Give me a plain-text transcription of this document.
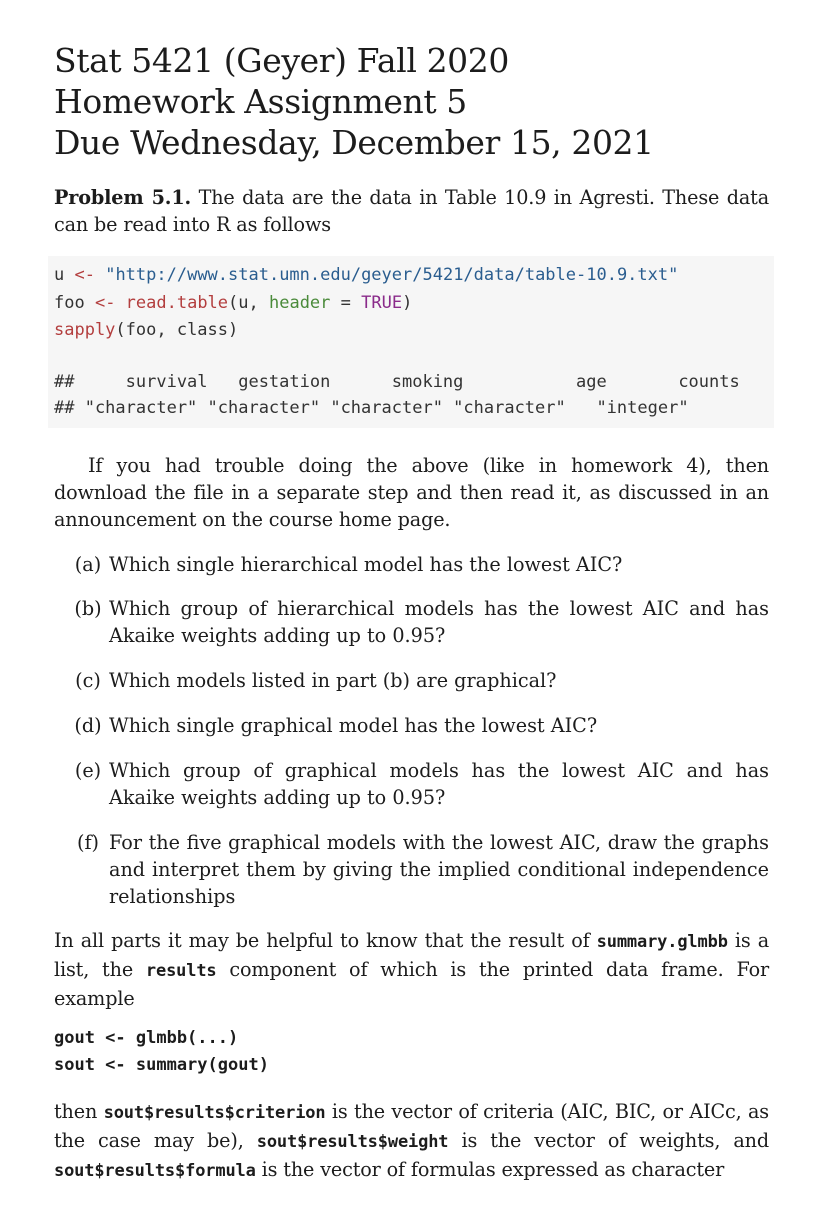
Stat 5421 (Geyer) Fall 2020
Homework Assignment 5
Due Wednesday, December 15, 2021
Problem 5.1. The data are the data in Table 10.9 in Agresti. These data can be read into R as follows
u <- "http://www.stat.umn.edu/geyer/5421/data/table-10.9.txt"
foo <- read.table(u, header = TRUE)
sapply(foo, class)
##     survival   gestation      smoking           age       counts
## "character" "character" "character" "character"   "integer"
If you had trouble doing the above (like in homework 4), then download the file in a separate step and then read it, as discussed in an announcement on the course home page.
(a) Which single hierarchical model has the lowest AIC?
(b) Which group of hierarchical models has the lowest AIC and has Akaike weights adding up to 0.95?
(c) Which models listed in part (b) are graphical?
(d) Which single graphical model has the lowest AIC?
(e) Which group of graphical models has the lowest AIC and has Akaike weights adding up to 0.95?
(f) For the five graphical models with the lowest AIC, draw the graphs and interpret them by giving the implied conditional independence relationships
In all parts it may be helpful to know that the result of summary.glmbb is a list, the results component of which is the printed data frame. For example
gout <- glmbb(...)
sout <- summary(gout)
then sout$results$criterion is the vector of criteria (AIC, BIC, or AICc, as the case may be), sout$results$weight is the vector of weights, and sout$results$formula is the vector of formulas expressed as character
